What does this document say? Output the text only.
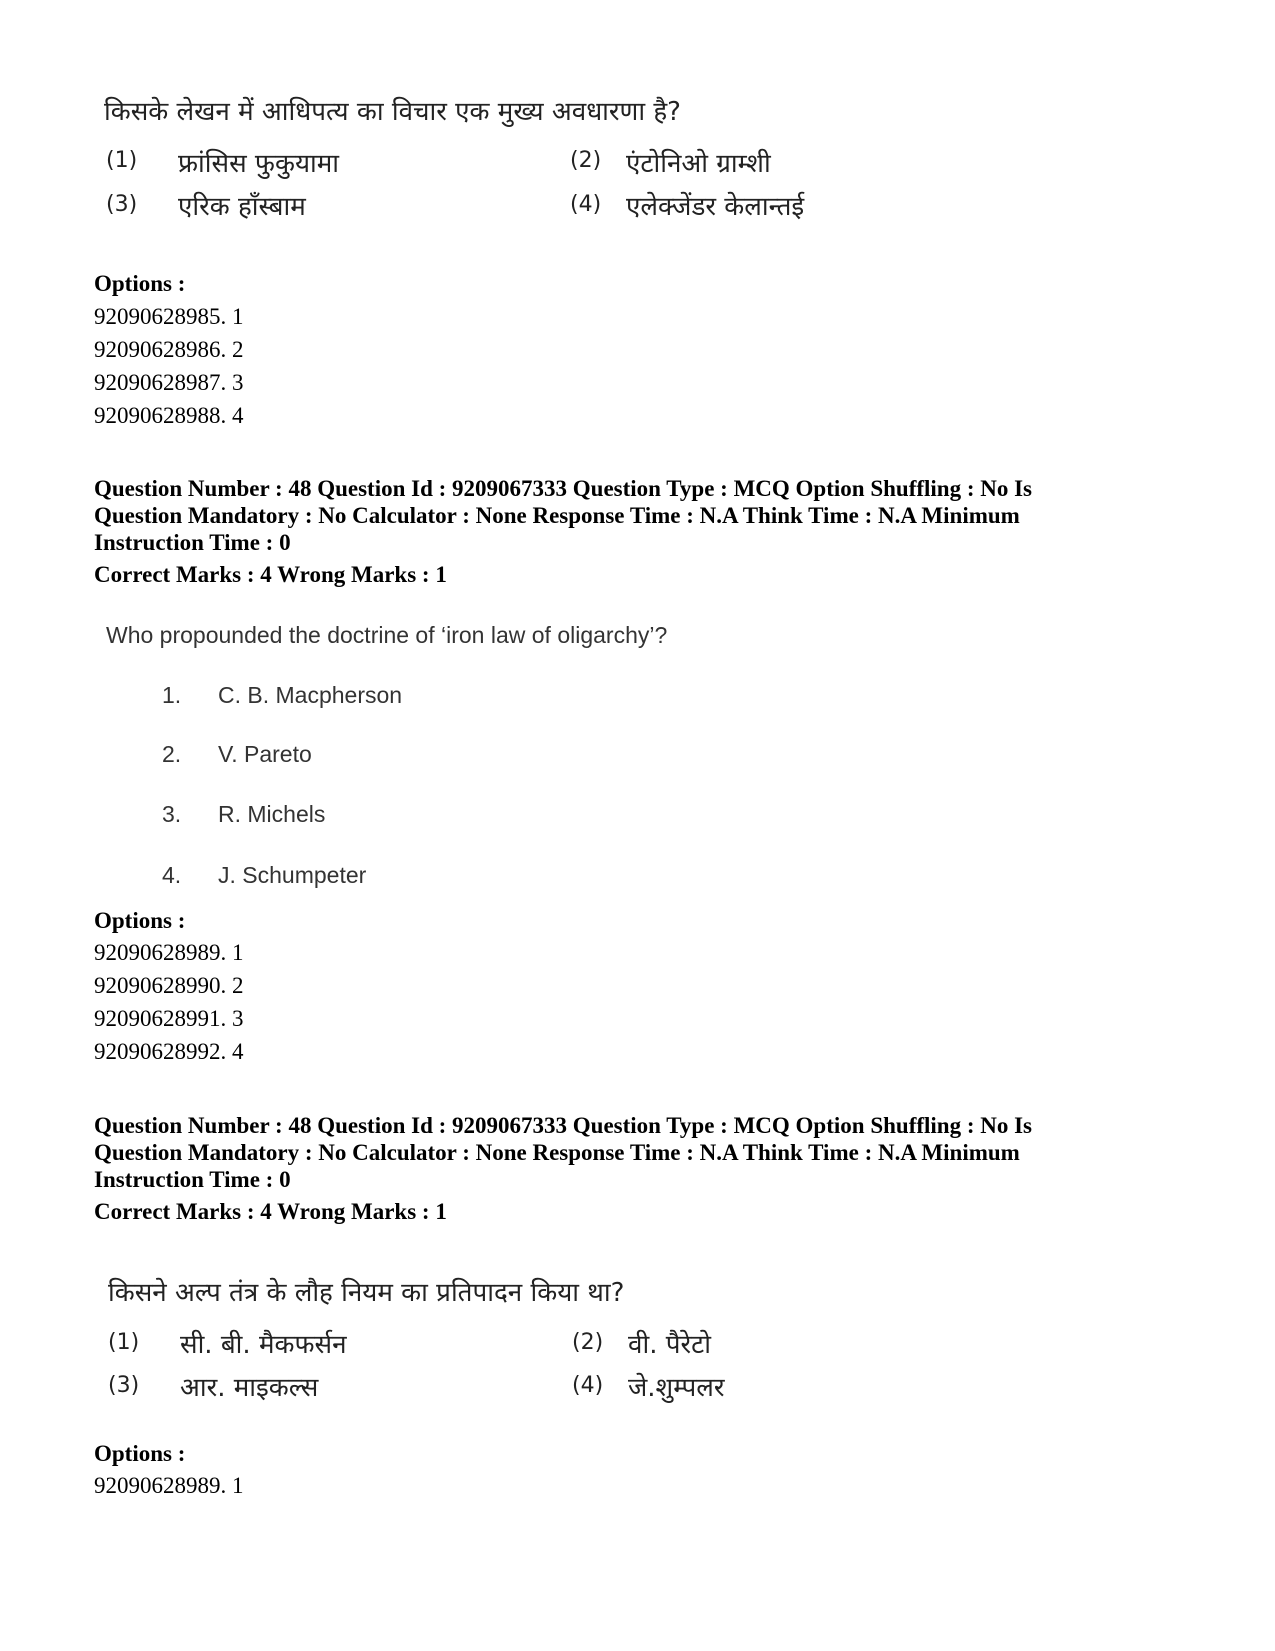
किसके लेखन में आधिपत्य का विचार एक मुख्य अवधारणा है?
(1) फ्रांसिस फुकुयामा	(2) एंटोनिओ ग्राम्शी
(3) एरिक हॉंस्बाम	(4) एलेक्जेंडर केलान्तई
Options :
92090628985. 1
92090628986. 2
92090628987. 3
92090628988. 4
Question Number : 48 Question Id : 9209067333 Question Type : MCQ Option Shuffling : No Is
Question Mandatory : No Calculator : None Response Time : N.A Think Time : N.A Minimum
Instruction Time : 0
Correct Marks : 4 Wrong Marks : 1
Who propounded the doctrine of ‘iron law of oligarchy’?
1. C. B. Macpherson
2. V. Pareto
3. R. Michels
4. J. Schumpeter
Options :
92090628989. 1
92090628990. 2
92090628991. 3
92090628992. 4
Question Number : 48 Question Id : 9209067333 Question Type : MCQ Option Shuffling : No Is
Question Mandatory : No Calculator : None Response Time : N.A Think Time : N.A Minimum
Instruction Time : 0
Correct Marks : 4 Wrong Marks : 1
किसने अल्प तंत्र के लौह नियम का प्रतिपादन किया था?
(1) सी. बी. मैकफर्सन	(2) वी. पैरेटो
(3) आर. माइकल्स	(4) जे.शुम्पलर
Options :
92090628989. 1
